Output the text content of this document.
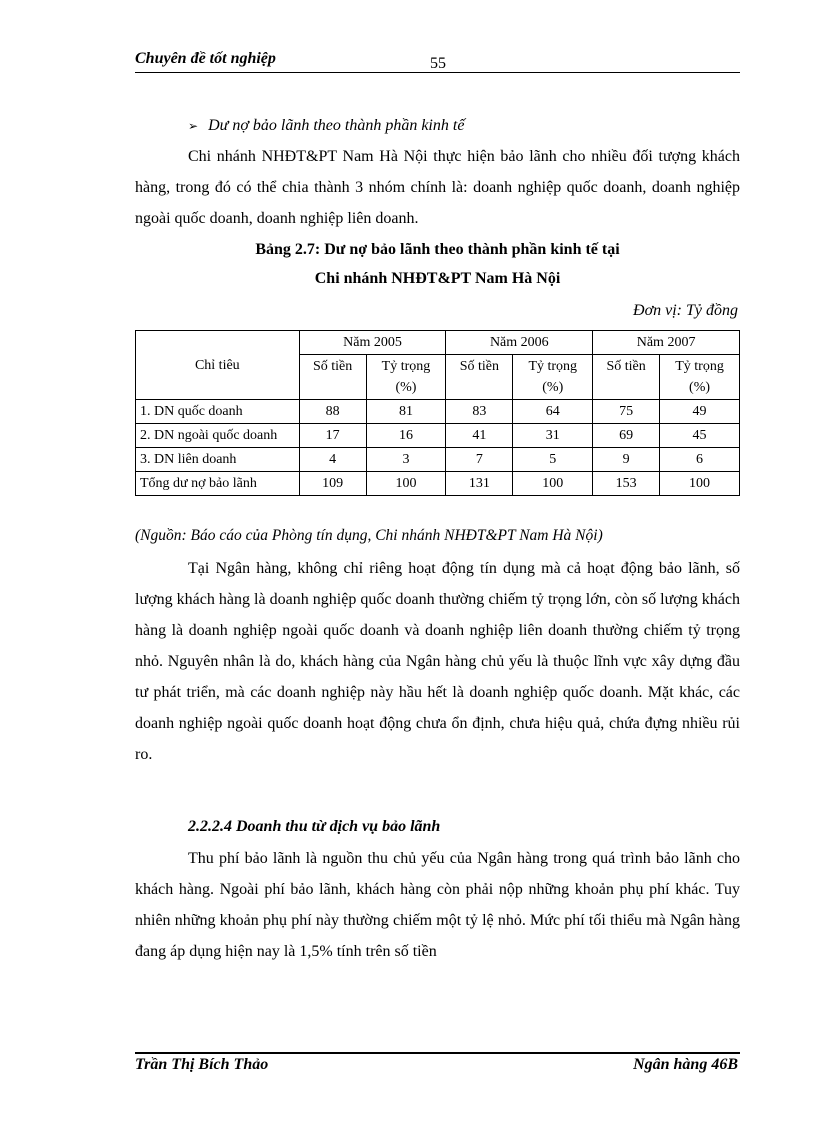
Chuyên đề tốt nghiệp	55
➢ Dư nợ bảo lãnh theo thành phần kinh tế

Chi nhánh NHĐT&PT Nam Hà Nội thực hiện bảo lãnh cho nhiều đối tượng khách hàng, trong đó có thể chia thành 3 nhóm chính là: doanh nghiệp quốc doanh, doanh nghiệp ngoài quốc doanh, doanh nghiệp liên doanh.

Bảng 2.7: Dư nợ bảo lãnh theo thành phần kinh tế tại
Chi nhánh NHĐT&PT Nam Hà Nội
Đơn vị: Tỷ đồng
Chỉ tiêu	Năm 2005		Năm 2006		Năm 2007	
	Số tiền	Tỷ trọng (%)	Số tiền	Tỷ trọng (%)	Số tiền	Tỷ trọng (%)
1. DN quốc doanh	88	81	83	64	75	49
2. DN ngoài quốc doanh	17	16	41	31	69	45
3. DN liên doanh	4	3	7	5	9	6
Tổng dư nợ bảo lãnh	109	100	131	100	153	100
(Nguồn: Báo cáo của Phòng tín dụng, Chi nhánh NHĐT&PT Nam Hà Nội)

Tại Ngân hàng, không chỉ riêng hoạt động tín dụng mà cả hoạt động bảo lãnh, số lượng khách hàng là doanh nghiệp quốc doanh thường chiếm tỷ trọng lớn, còn số lượng khách hàng là doanh nghiệp ngoài quốc doanh và doanh nghiệp liên doanh thường chiếm tỷ trọng nhỏ. Nguyên nhân là do, khách hàng của Ngân hàng chủ yếu là thuộc lĩnh vực xây dựng đầu tư phát triển, mà các doanh nghiệp này hầu hết là doanh nghiệp quốc doanh. Mặt khác, các doanh nghiệp ngoài quốc doanh hoạt động chưa ổn định, chưa hiệu quả, chứa đựng nhiều rủi ro.

2.2.2.4 Doanh thu từ dịch vụ bảo lãnh

Thu phí bảo lãnh là nguồn thu chủ yếu của Ngân hàng trong quá trình bảo lãnh cho khách hàng. Ngoài phí bảo lãnh, khách hàng còn phải nộp những khoản phụ phí khác. Tuy nhiên những khoản phụ phí này thường chiếm một tỷ lệ nhỏ. Mức phí tối thiểu mà Ngân hàng đang áp dụng hiện nay là 1,5% tính trên số tiền

Trần Thị Bích Thảo	Ngân hàng 46B
